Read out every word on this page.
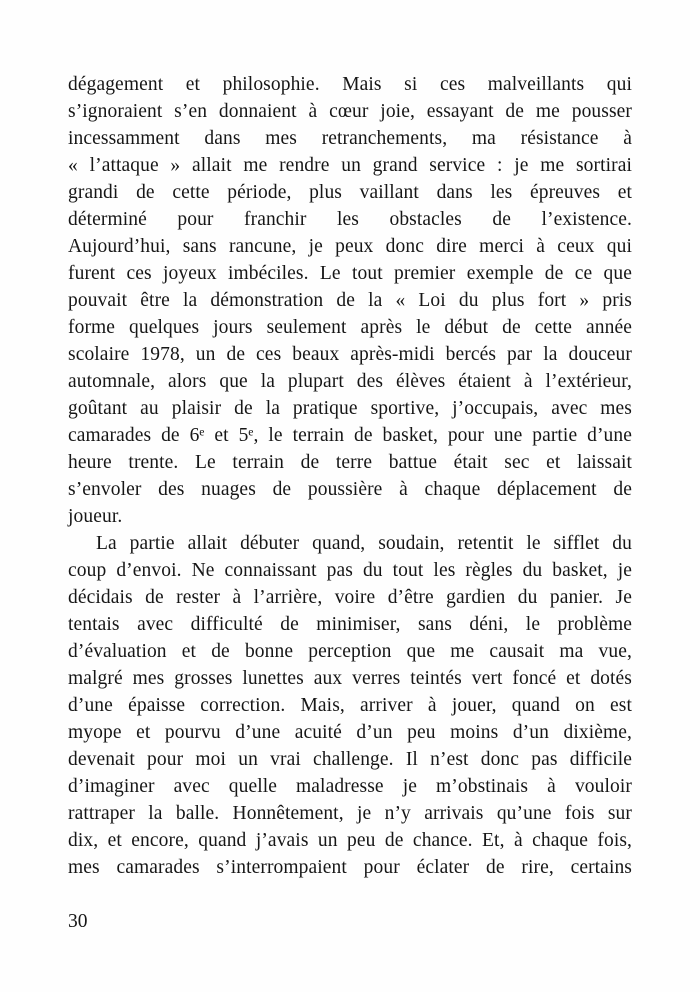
dégagement et philosophie. Mais si ces malveillants qui
s’ignoraient s’en donnaient à cœur joie, essayant de me pousser
incessamment dans mes retranchements, ma résistance à
« l’attaque » allait me rendre un grand service : je me sortirai
grandi de cette période, plus vaillant dans les épreuves et
déterminé pour franchir les obstacles de l’existence.
Aujourd’hui, sans rancune, je peux donc dire merci à ceux qui
furent ces joyeux imbéciles. Le tout premier exemple de ce que
pouvait être la démonstration de la « Loi du plus fort » pris
forme quelques jours seulement après le début de cette année
scolaire 1978, un de ces beaux après-midi bercés par la douceur
automnale, alors que la plupart des élèves étaient à l’extérieur,
goûtant au plaisir de la pratique sportive, j’occupais, avec mes
camarades de 6ᵉ et 5ᵉ, le terrain de basket, pour une partie d’une
heure trente. Le terrain de terre battue était sec et laissait
s’envoler des nuages de poussière à chaque déplacement de
joueur.
La partie allait débuter quand, soudain, retentit le sifflet du
coup d’envoi. Ne connaissant pas du tout les règles du basket, je
décidais de rester à l’arrière, voire d’être gardien du panier. Je
tentais avec difficulté de minimiser, sans déni, le problème
d’évaluation et de bonne perception que me causait ma vue,
malgré mes grosses lunettes aux verres teintés vert foncé et dotés
d’une épaisse correction. Mais, arriver à jouer, quand on est
myope et pourvu d’une acuité d’un peu moins d’un dixième,
devenait pour moi un vrai challenge. Il n’est donc pas difficile
d’imaginer avec quelle maladresse je m’obstinais à vouloir
rattraper la balle. Honnêtement, je n’y arrivais qu’une fois sur
dix, et encore, quand j’avais un peu de chance. Et, à chaque fois,
mes camarades s’interrompaient pour éclater de rire, certains
30
